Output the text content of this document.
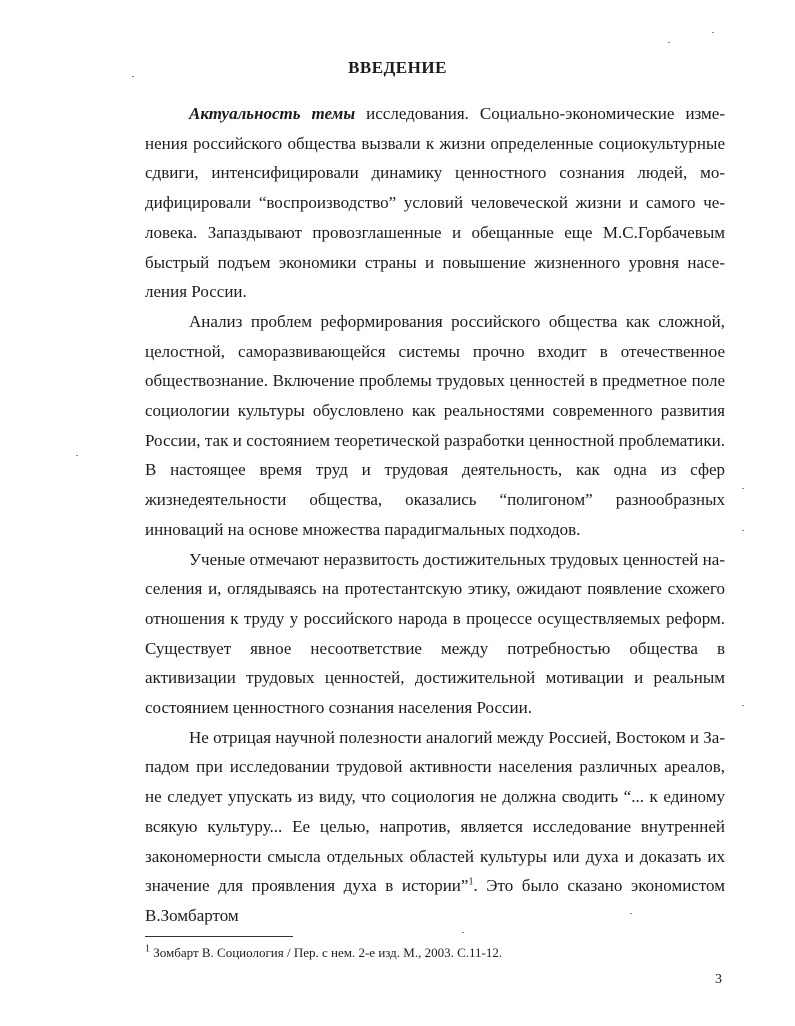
ВВЕДЕНИЕ

Актуальность темы исследования. Социально-экономические изменения российского общества вызвали к жизни определенные социокультурные сдвиги, интенсифицировали динамику ценностного сознания людей, модифицировали “воспроизводство” условий человеческой жизни и самого человека. Запаздывают провозглашенные и обещанные еще М.С.Горбачевым быстрый подъем экономики страны и повышение жизненного уровня населения России.

Анализ проблем реформирования российского общества как сложной, целостной, саморазвивающейся системы прочно входит в отечественное обществознание. Включение проблемы трудовых ценностей в предметное поле социологии культуры обусловлено как реальностями современного развития России, так и состоянием теоретической разработки ценностной проблематики. В настоящее время труд и трудовая деятельность, как одна из сфер жизнедеятельности общества, оказались “полигоном” разнообразных инноваций на основе множества парадигмальных подходов.

Ученые отмечают неразвитость достижительных трудовых ценностей населения и, оглядываясь на протестантскую этику, ожидают появление схожего отношения к труду у российского народа в процессе осуществляемых реформ. Существует явное несоответствие между потребностью общества в активизации трудовых ценностей, достижительной мотивации и реальным состоянием ценностного сознания населения России.

Не отрицая научной полезности аналогий между Россией, Востоком и Западом при исследовании трудовой активности населения различных ареалов, не следует упускать из виду, что социология не должна сводить “... к единому всякую культуру... Ее целью, напротив, является исследование внутренней закономерности смысла отдельных областей культуры или духа и доказать их значение для проявления духа в истории”$^1$. Это было сказано экономистом В.Зомбартом

$^1$ Зомбарт В. Социология / Пер. с нем. 2-е изд. М., 2003. С.11-12.
3
